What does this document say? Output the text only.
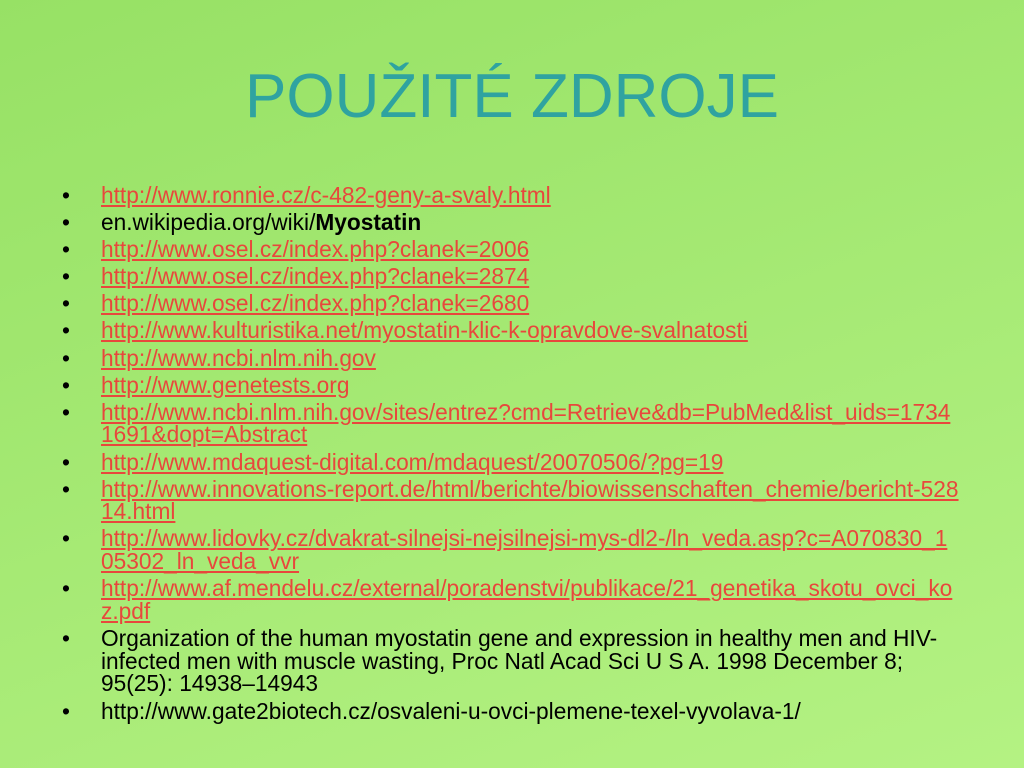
POUŽITÉ ZDROJE
• http://www.ronnie.cz/c-482-geny-a-svaly.html
• en.wikipedia.org/wiki/Myostatin
• http://www.osel.cz/index.php?clanek=2006
• http://www.osel.cz/index.php?clanek=2874
• http://www.osel.cz/index.php?clanek=2680
• http://www.kulturistika.net/myostatin-klic-k-opravdove-svalnatosti
• http://www.ncbi.nlm.nih.gov
• http://www.genetests.org
• http://www.ncbi.nlm.nih.gov/sites/entrez?cmd=Retrieve&db=PubMed&list_uids=17341691&dopt=Abstract
• http://www.mdaquest-digital.com/mdaquest/20070506/?pg=19
• http://www.innovations-report.de/html/berichte/biowissenschaften_chemie/bericht-52814.html
• http://www.lidovky.cz/dvakrat-silnejsi-nejsilnejsi-mys-dl2-/ln_veda.asp?c=A070830_105302_ln_veda_vvr
• http://www.af.mendelu.cz/external/poradenstvi/publikace/21_genetika_skotu_ovci_koz.pdf
• Organization of the human myostatin gene and expression in healthy men and HIV-infected men with muscle wasting, Proc Natl Acad Sci U S A. 1998 December 8; 95(25): 14938–14943
• http://www.gate2biotech.cz/osvaleni-u-ovci-plemene-texel-vyvolava-1/
